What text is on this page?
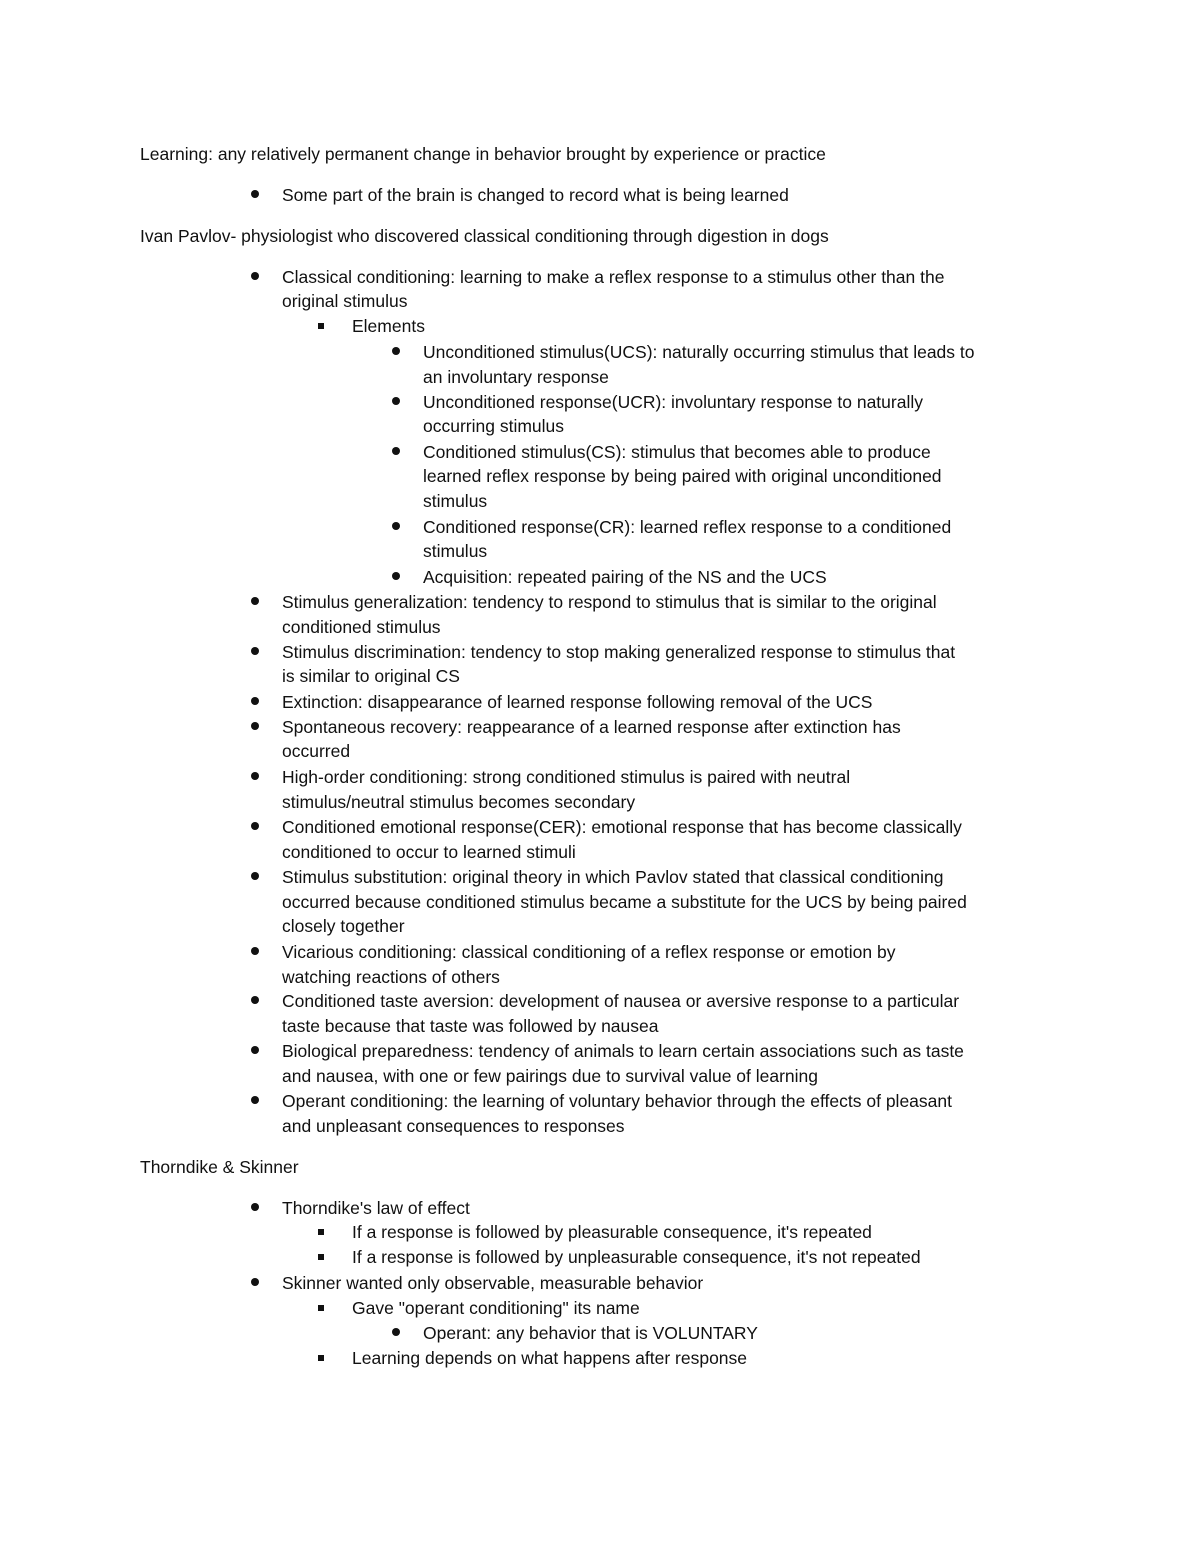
Learning: any relatively permanent change in behavior brought by experience or practice
Some part of the brain is changed to record what is being learned
Ivan Pavlov- physiologist who discovered classical conditioning through digestion in dogs
Classical conditioning: learning to make a reflex response to a stimulus other than the
original stimulus
Elements
Unconditioned stimulus(UCS): naturally occurring stimulus that leads to
an involuntary response
Unconditioned response(UCR): involuntary response to naturally
occurring stimulus
Conditioned stimulus(CS): stimulus that becomes able to produce
learned reflex response by being paired with original unconditioned
stimulus
Conditioned response(CR): learned reflex response to a conditioned
stimulus
Acquisition: repeated pairing of the NS and the UCS
Stimulus generalization: tendency to respond to stimulus that is similar to the original
conditioned stimulus
Stimulus discrimination: tendency to stop making generalized response to stimulus that
is similar to original CS
Extinction: disappearance of learned response following removal of the UCS
Spontaneous recovery: reappearance of a learned response after extinction has
occurred
High-order conditioning: strong conditioned stimulus is paired with neutral
stimulus/neutral stimulus becomes secondary
Conditioned emotional response(CER): emotional response that has become classically
conditioned to occur to learned stimuli
Stimulus substitution: original theory in which Pavlov stated that classical conditioning
occurred because conditioned stimulus became a substitute for the UCS by being paired
closely together
Vicarious conditioning: classical conditioning of a reflex response or emotion by
watching reactions of others
Conditioned taste aversion: development of nausea or aversive response to a particular
taste because that taste was followed by nausea
Biological preparedness: tendency of animals to learn certain associations such as taste
and nausea, with one or few pairings due to survival value of learning
Operant conditioning: the learning of voluntary behavior through the effects of pleasant
and unpleasant consequences to responses
Thorndike & Skinner
Thorndike's law of effect
If a response is followed by pleasurable consequence, it's repeated
If a response is followed by unpleasurable consequence, it's not repeated
Skinner wanted only observable, measurable behavior
Gave "operant conditioning" its name
Operant: any behavior that is VOLUNTARY
Learning depends on what happens after response
